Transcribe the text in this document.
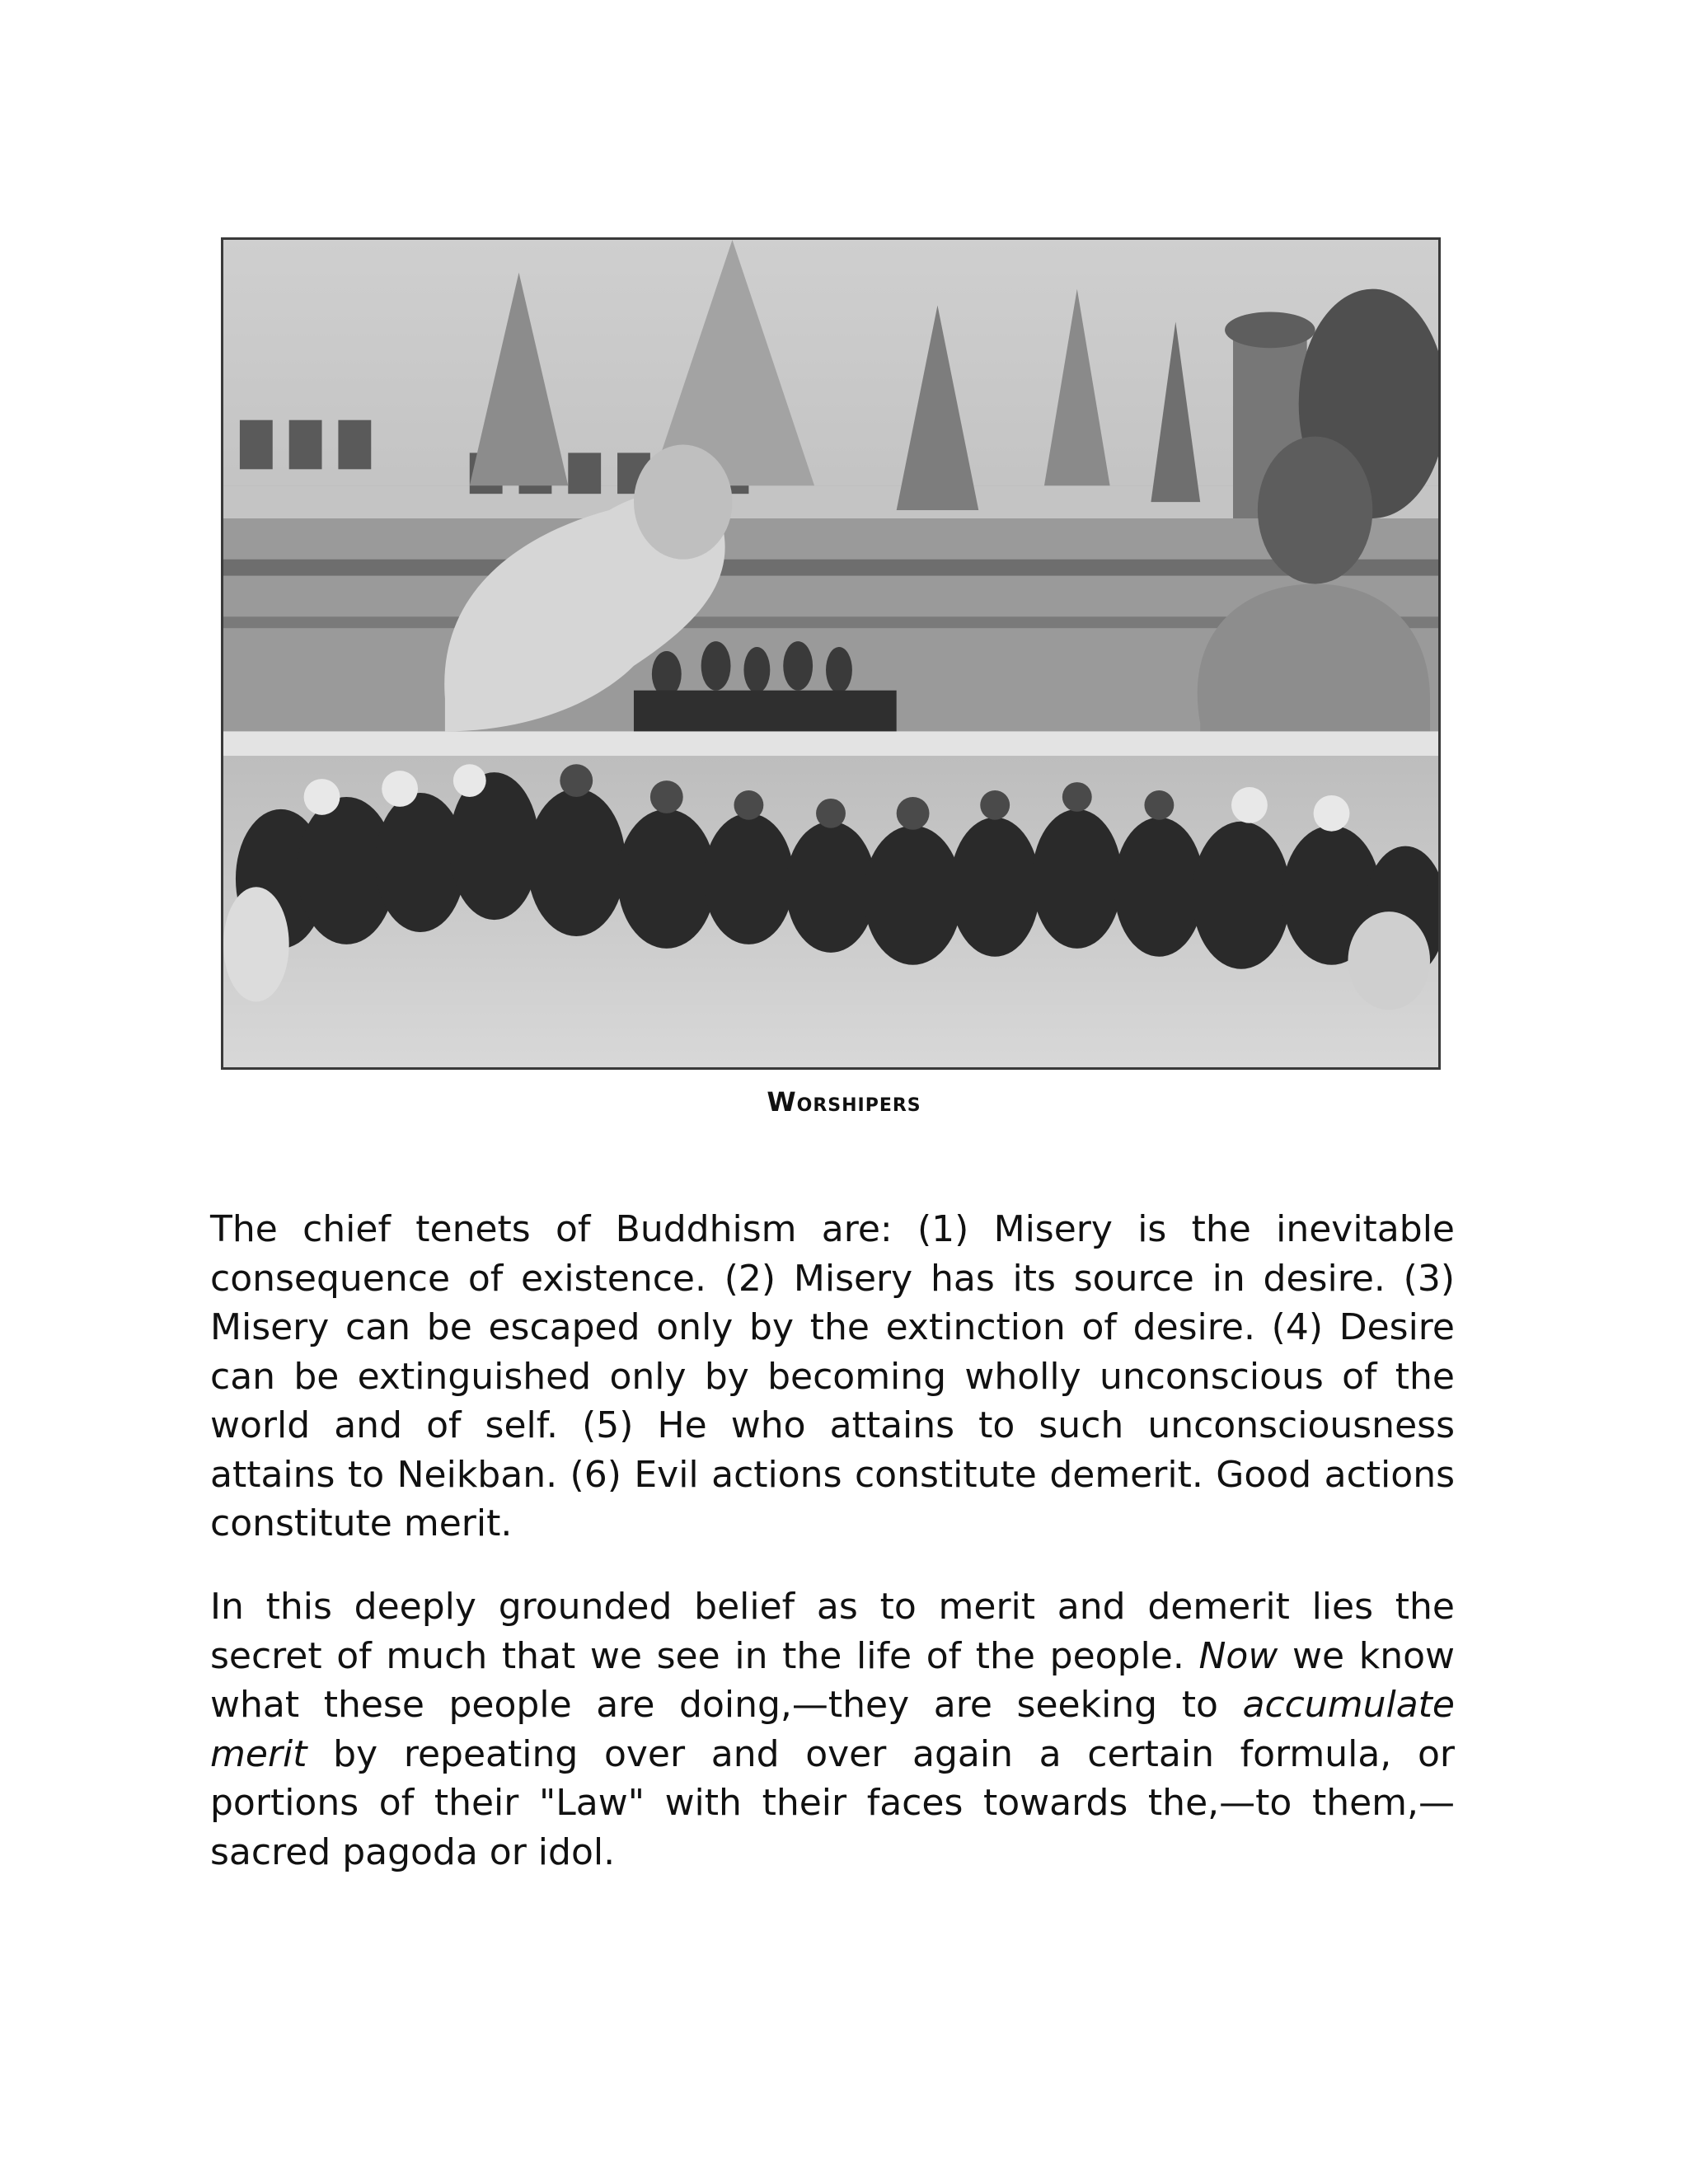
Worshipers

The chief tenets of Buddhism are: (1) Misery is the inevitable consequence of existence. (2) Misery has its source in desire. (3) Misery can be escaped only by the extinction of desire. (4) Desire can be extinguished only by becoming wholly unconscious of the world and of self. (5) He who attains to such unconsciousness attains to Neikban. (6) Evil actions constitute demerit. Good actions constitute merit.

In this deeply grounded belief as to merit and demerit lies the secret of much that we see in the life of the people. Now we know what these people are doing,—they are seeking to accumulate merit by repeating over and over again a certain formula, or portions of their "Law" with their faces towards the,—to them,—sacred pagoda or idol.
